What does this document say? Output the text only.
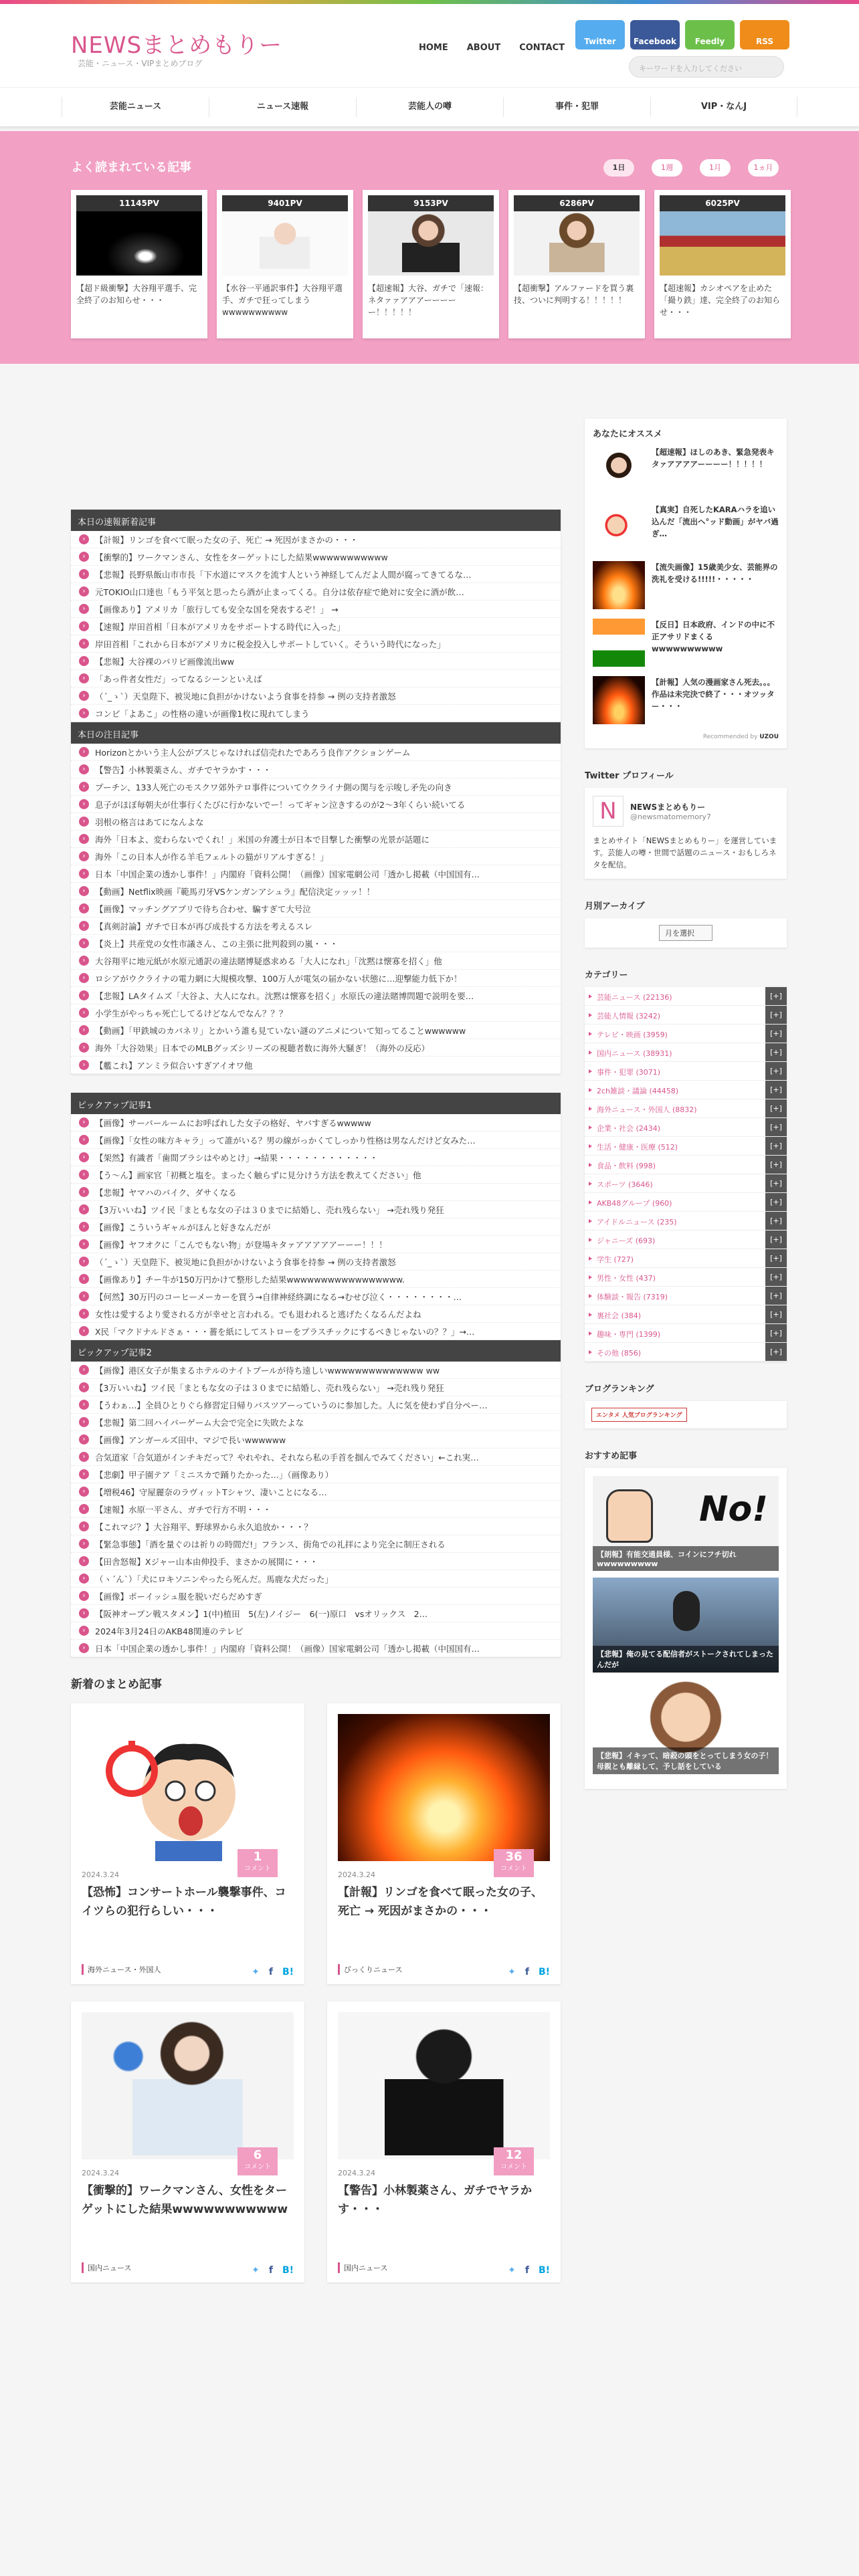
NEWSまとめもりー
芸能・ニュース・VIPまとめブログ
HOME ABOUT CONTACT
Twitter Facebook Feedly	RSS
キーワードを入力してください
芸能ニュース	ニュース速報	芸能人の噂	事件・犯罪	VIP・なんJ
よく読まれている記事	1日	1週	1月	1ヵ月
11145PV
【超ド級衝撃】大谷翔平選手、完全終了のお知らせ・・・
9401PV
【水谷一平通訳事件】大谷翔平選手、ガチで狂ってしまうwwwwwwwwww
9153PV
【超速報】大谷、ガチで「速報：ネタァァアアアーーーーー！！！！！
6286PV
【超衝撃】アルファードを買う裏技、ついに判明する！！！！！
6025PV
【超速報】カシオペアを止めた「撮り鉄」達、完全終了のお知らせ・・・
本日の速報新着記事
› 【計報】リンゴを食べて眠った女の子、死亡 → 死因がまさかの・・・
› 【衝撃的】ワークマンさん、女性をターゲットにした結果wwwwwwwwwww
› 【悲報】長野県飯山市市長「下水道にマスクを流す人という神経してんだよ人間が腐ってきてるな…
› 元TOKIO山口達也「もう平気と思ったら酒が止まってくる。自分は依存症で絶対に安全に酒が飲…
› 【画像あり】アメリカ「旅行しても安全な国を発表するぞ！」 →
› 【速報】岸田首相「日本がアメリカをサポートする時代に入った」
› 岸田首相「これから日本がアメリカに税金投入しサポートしていく。そういう時代になった」
› 【悲報】大谷裸のパリピ画像流出ww
› 「あっ件者女性だ」ってなるシーンといえば
› （´_ゝ`）天皇陛下、被災地に負担がかけないよう食事を持参 → 例の支持者激怒
› コンビ「よあこ」の性格の違いが画像1枚に現れてしまう
本日の注目記事
› Horizonとかいう主人公がブスじゃなければ信売れたであろう良作アクションゲーム
› 【警告】小林製薬さん、ガチでヤラかす・・・
› プーチン、133人死亡のモスクワ郊外テロ事件についてウクライナ側の関与を示唆し矛先の向き
› 息子がほぼ毎朝夫が仕事行くたびに行かないでー！ってギャン泣きするのが2〜3年くらい続いてる
› 羽根の格言はあてになんよな
› 海外「日本よ、変わらないでくれ！」米国の弁護士が日本で目撃した衝撃の光景が話題に
› 海外「この日本人が作る羊毛フェルトの猫がリアルすぎる！」
› 日本「中国企業の透かし事件！」内閣府「資料公開！（画像）国家電網公司「透かし掲載（中国国有…
› 【動画】Netflix映画『範馬刃牙VSケンガンアシュラ』配信決定ッッッ！！
› 【画像】マッチングアプリで待ち合わせ、騙すぎて大号泣
› 【真剣討論】ガチで日本が再び成長する方法を考えるスレ
› 【炎上】共産党の女性市議さん、この主張に批判殺到の嵐・・・
› 大谷翔平に地元紙が水原元通訳の違法賭博疑惑求める「大人になれ」「沈黙は懐寡を招く」他
› ロシアがウクライナの電力網に大規模攻撃、100万人が電気の届かない状態に…迎撃能力低下か！
› 【悲報】LAタイムズ「大谷よ、大人になれ。沈黙は懐寡を招く」水原氏の違法賭博問題で説明を要…
› 小学生がやっちゃ死亡してるけどなんでなん？？？
› 【動画】「甲鉄城のカバネリ」とかいう誰も見ていない謎のアニメについて知ってることwwwwww
› 海外「大谷効果」日本でのMLBグッズシリーズの視聴者数に海外大騒ぎ！（海外の反応）
› 【艦これ】アンミラ似合いすぎアイオワ他
ピックアップ記事1
› 【画像】サーバールームにお呼ばれした女子の格好、ヤバすぎるwwwww
› 【画像】「女性の味方キャラ」って誰がいる？男の線がっかくてしっかり性格は男なんだけど女みた…
› 【架然】有識者「歯間ブラシはやめとけ」→結果・・・・・・・・・・・・
› 【う〜ん】画家官「初概と塩を。まったく触らずに見分けう方法を教えてください」他
› 【悲報】ヤマハのバイク、ダサくなる
› 【3万いいね】ツイ民「まともな女の子は３０までに結婚し、売れ残らない」 →売れ残り発狂
› 【画像】こういうギャルがほんと好きなんだが
› 【画像】ヤフオクに「こんでもない物」が登場キタァアアアアアーーー！！！
› （´_ゝ`）天皇陛下、被災地に負担がかけないよう食事を持参 → 例の支持者激怒
› 【画像あり】チー牛が150万円かけて整形した結果wwwwwwwwwwwwwwwww.
› 【何然】30万円のコーヒーメーカーを買う→自律神経終調になる→むせび泣く・・・・・・・・…
› 女性は愛するより愛される方が幸せと言われる。でも退われると逃げたくなるんだよね
› X民「マクドナルドさぁ・・・薔を紙にしてストローをプラスチックにするべきじゃないの？？」→…
ピックアップ記事2
› 【画像】港区女子が集まるホテルのナイトプールが待ち遠しいwwwwwwwwwwwwww ww
› 【3万いいね】ツイ民「まともな女の子は３０までに結婚し、売れ残らない」 →売れ残り発狂
› 【うわぁ…】全員ひとりぐら修習定日帰りバスツアーっていうのに参加した。人に気を使わず自分ペー…
› 【悲報】第二回ハイパーゲーム大会で完全に失敗たよな
› 【画像】アンガールズ田中、マジで長いwwwwww
› 合気道家「合気道がインチキだって？やれやれ、それなら私の手首を掴んでみてください」←これ実…
› 【悲劇】甲子園テア「ミニスカで踊りたかった…」（画像あり）
› 【増税46】守屋麗奈のラヴィットTシャツ、凄いことになる…
› 【速報】水原一平さん、ガチで行方不明・・・
› 【これマジ？】大谷翔平、野球界から永久追放か・・・？
› 【緊急事態】「酒を量ぐのは祈りの時間だ!」フランス、街角での礼拝により完全に制圧される
› 【田舎怒報】Xジャー山本由伸投手、まさかの展開に・・・
› （ヽ´ん`）「犬にロキソニンやったら死んだ。馬鹿な犬だった」
› 【画像】ポーイッシュ服を脱いだらだめすぎ
› 【阪神オープン戦スタメン】1(中)植田　5(左)ノイジー　6(一)原口　vsオリックス　2…
› 2024年3月24日のAKB48関連のテレビ
› 日本「中国企業の透かし事件！」内閣府「資料公開！（画像）国家電網公司「透かし掲載（中国国有…
新着のまとめ記事
1
コメント
2024.3.24
【恐怖】コンサートホール襲撃事件、コイツらの犯行らしい・・・
海外ニュース・外国人	✦ f B!
36
コメント
2024.3.24
【計報】リンゴを食べて眠った女の子、死亡 → 死因がまさかの・・・
びっくりニュース	✦ f B!
6
コメント
2024.3.24
【衝撃的】ワークマンさん、女性をターゲットにした結果wwwwwwwwwww
国内ニュース	✦ f B!
12
コメント
2024.3.24
【警告】小林製薬さん、ガチでヤラかす・・・
国内ニュース	✦ f B!
あなたにオススメ
【超速報】ほしのあき、緊急発表キタァアアアアーーーー！！！！！
【真実】自死したKARAハラを追い込んだ「流出ヘ°ッド動画」がヤバ過ぎ…
【流失画像】15歳美少女、芸能界の洗礼を受ける!!!!!・・・・・
【反日】日本政府、インドの中に不正アサリドまくるwwwwwwwwww
【計報】人気の漫画家さん死去。。。作品は未完決で終了・・・オツッター・・・
Recommended by UZOU
Twitter プロフィール
N	NEWSまとめもりー
@newsmatomemory7
まとめサイト「NEWSまとめもりー」を運営しています。芸能人の噂・世間で話題のニュース・おもしろネタを配信。
月別アーカイブ
月を選択
カテゴリー
芸能ニュース (22136)	[+]
芸能人情報 (3242)	[+]
テレビ・映画 (3959)	[+]
国内ニュース (38931)	[+]
事件・犯罪 (3071)	[+]
2ch雑談・議論 (44458)	[+]
海外ニュース・外国人 (8832)	[+]
企業・社会 (2434)	[+]
生活・健康・医療 (512)	[+]
食品・飲料 (998)	[+]
スポーツ (3646)	[+]
AKB48グループ (960)	[+]
アイドルニュース (235)	[+]
ジャニーズ (693)	[+]
学生 (727)	[+]
男性・女性 (437)	[+]
体験談・報告 (7319)	[+]
裏社会 (384)	[+]
趣味・専門 (1399)	[+]
その他 (856)	[+]
ブログランキング
エンタメ 人気ブログランキング
おすすめ記事
No!
【朗報】有能交通員様、コインにフチ切れwwwwwwwww
【悲報】俺の見てる配信者がストークされてしまったんだが
【悲報】イキッて、暗殺の頭をとってしまう女の子！母親とも離縁して、予し話をしている
